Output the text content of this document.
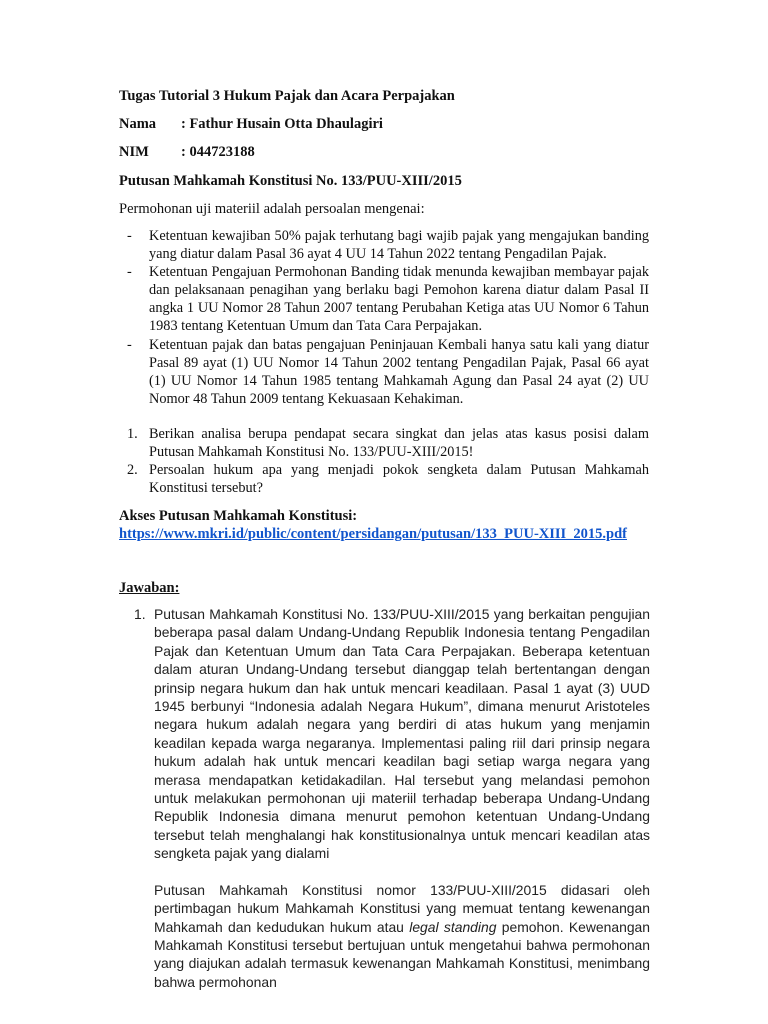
Tugas Tutorial 3 Hukum Pajak dan Acara Perpajakan
Nama : Fathur Husain Otta Dhaulagiri
NIM : 044723188
Putusan Mahkamah Konstitusi No. 133/PUU-XIII/2015
Permohonan uji materiil adalah persoalan mengenai:
- Ketentuan kewajiban 50% pajak terhutang bagi wajib pajak yang mengajukan banding yang diatur dalam Pasal 36 ayat 4 UU 14 Tahun 2022 tentang Pengadilan Pajak.
- Ketentuan Pengajuan Permohonan Banding tidak menunda kewajiban membayar pajak dan pelaksanaan penagihan yang berlaku bagi Pemohon karena diatur dalam Pasal II angka 1 UU Nomor 28 Tahun 2007 tentang Perubahan Ketiga atas UU Nomor 6 Tahun 1983 tentang Ketentuan Umum dan Tata Cara Perpajakan.
- Ketentuan pajak dan batas pengajuan Peninjauan Kembali hanya satu kali yang diatur Pasal 89 ayat (1) UU Nomor 14 Tahun 2002 tentang Pengadilan Pajak, Pasal 66 ayat (1) UU Nomor 14 Tahun 1985 tentang Mahkamah Agung dan Pasal 24 ayat (2) UU Nomor 48 Tahun 2009 tentang Kekuasaan Kehakiman.
1. Berikan analisa berupa pendapat secara singkat dan jelas atas kasus posisi dalam Putusan Mahkamah Konstitusi No. 133/PUU-XIII/2015!
2. Persoalan hukum apa yang menjadi pokok sengketa dalam Putusan Mahkamah Konstitusi tersebut?
Akses Putusan Mahkamah Konstitusi:
https://www.mkri.id/public/content/persidangan/putusan/133_PUU-XIII_2015.pdf
Jawaban:

1. Putusan Mahkamah Konstitusi No. 133/PUU-XIII/2015 yang berkaitan pengujian beberapa pasal dalam Undang-Undang Republik Indonesia tentang Pengadilan Pajak dan Ketentuan Umum dan Tata Cara Perpajakan. Beberapa ketentuan dalam aturan Undang-Undang tersebut dianggap telah bertentangan dengan prinsip negara hukum dan hak untuk mencari keadilaan. Pasal 1 ayat (3) UUD 1945 berbunyi “Indonesia adalah Negara Hukum”, dimana menurut Aristoteles negara hukum adalah negara yang berdiri di atas hukum yang menjamin keadilan kepada warga negaranya. Implementasi paling riil dari prinsip negara hukum adalah hak untuk mencari keadilan bagi setiap warga negara yang merasa mendapatkan ketidakadilan. Hal tersebut yang melandasi pemohon untuk melakukan permohonan uji materiil terhadap beberapa Undang-Undang Republik Indonesia dimana menurut pemohon ketentuan Undang-Undang tersebut telah menghalangi hak konstitusionalnya untuk mencari keadilan atas sengketa pajak yang dialami

Putusan Mahkamah Konstitusi nomor 133/PUU-XIII/2015 didasari oleh pertimbagan hukum Mahkamah Konstitusi yang memuat tentang kewenangan Mahkamah dan kedudukan hukum atau legal standing pemohon. Kewenangan Mahkamah Konstitusi tersebut bertujuan untuk mengetahui bahwa permohonan yang diajukan adalah termasuk kewenangan Mahkamah Konstitusi, menimbang bahwa permohonan
